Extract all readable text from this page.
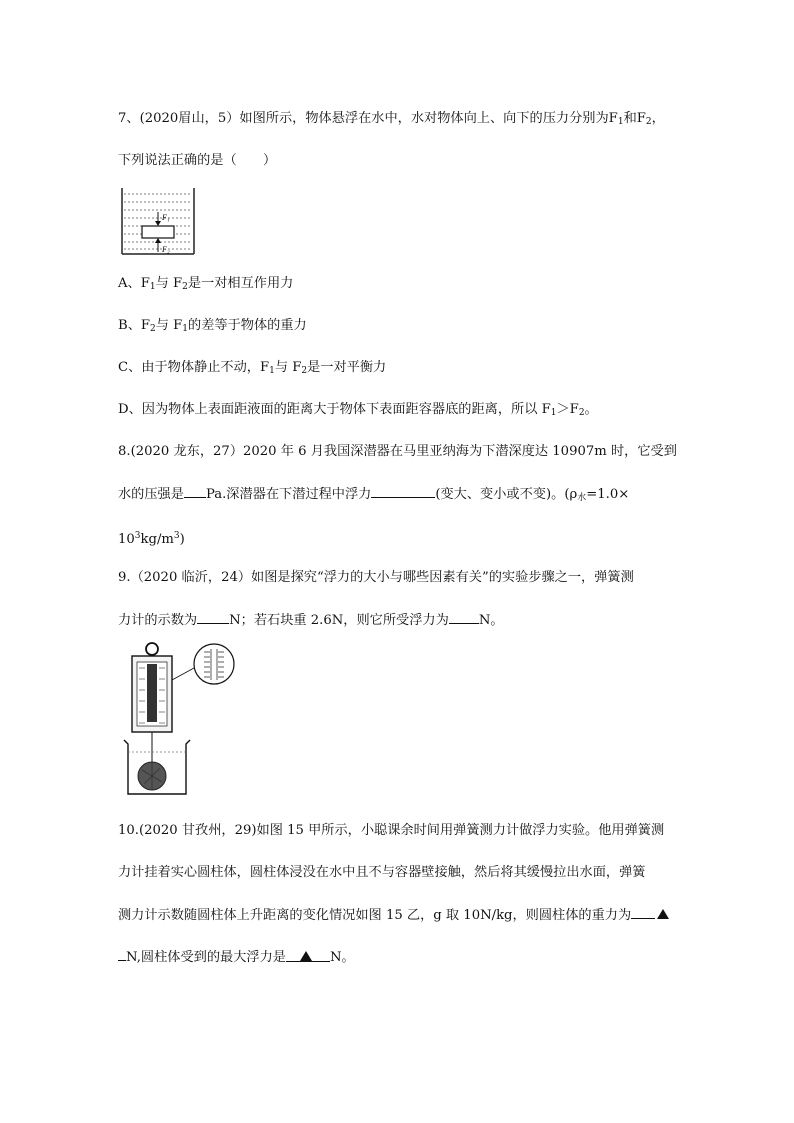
7、(2020眉山，5）如图所示，物体悬浮在水中，水对物体向上、向下的压力分别为$F_1$和$F_2$，
下列说法正确的是（　　）
F₁
F₂
A、$F_1$与 $F_2$是一对相互作用力
B、$F_2$与 $F_1$的差等于物体的重力
C、由于物体静止不动，$F_1$与 $F_2$是一对平衡力
D、因为物体上表面距液面的距离大于物体下表面距容器底的距离，所以 $F_1>F_2$。
8.(2020 龙东，27）2020 年 6 月我国深潜器在马里亚纳海为下潜深度达 10907m 时，它受到
水的压强是 Pa.深潜器在下潜过程中浮力	(变大、变小或不变)。($\rho_水=1.0\times$
$10^3kg/m^3$)
9.（2020 临沂，24）如图是探究“浮力的大小与哪些因素有关”的实验步骤之一，弹簧测
力计的示数为 N；若石块重 2.6N，则它所受浮力为 N。
10.(2020 甘孜州，29)如图 15 甲所示，小聪课余时间用弹簧测力计做浮力实验。他用弹簧测
力计挂着实心圆柱体，圆柱体浸没在水中且不与容器壁接触，然后将其缓慢拉出水面，弹簧
测力计示数随圆柱体上升距离的变化情况如图 15 乙，g 取 10N/kg，则圆柱体的重力为
N,圆柱体受到的最大浮力是	N。
